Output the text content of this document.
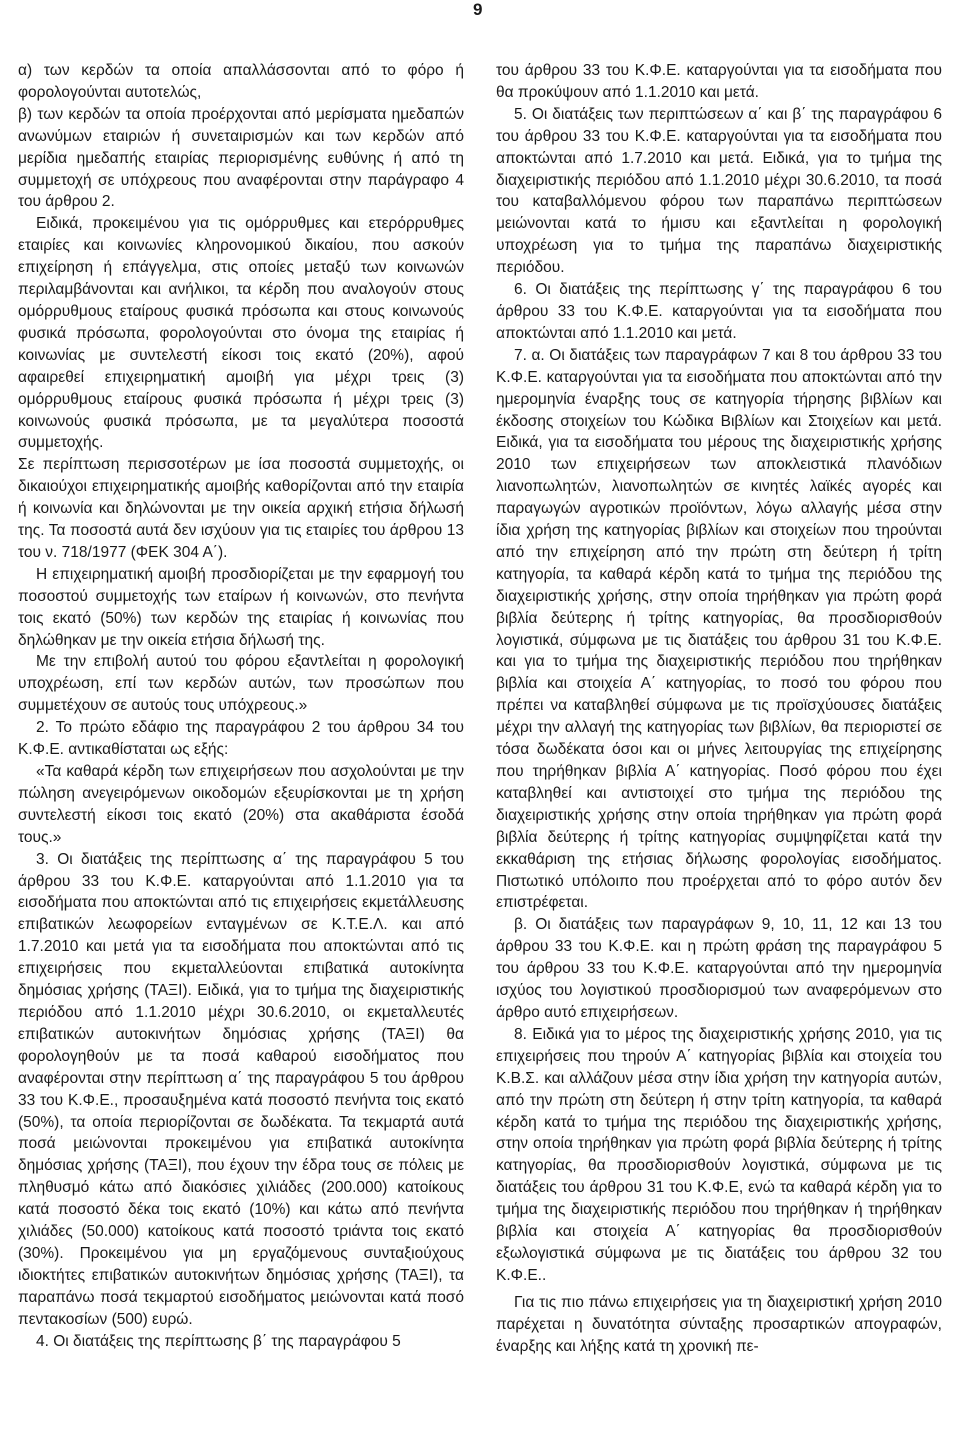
9

α) των κερδών τα οποία απαλλάσσονται από το φόρο ή φορολογούνται αυτοτελώς,

β) των κερδών τα οποία προέρχονται από μερίσματα ημεδαπών ανωνύμων εταιριών ή συνεταιρισμών και των κερδών από μερίδια ημεδαπής εταιρίας περιορισμένης ευθύνης ή από τη συμμετοχή σε υπόχρεους που αναφέρονται στην παράγραφο 4 του άρθρου 2.

Ειδικά, προκειμένου για τις ομόρρυθμες και ετερόρρυθμες εταιρίες και κοινωνίες κληρονομικού δικαίου, που ασκούν επιχείρηση ή επάγγελμα, στις οποίες μεταξύ των κοινωνών περιλαμβάνονται και ανήλικοι, τα κέρδη που αναλογούν στους ομόρρυθμους εταίρους φυσικά πρόσωπα και στους κοινωνούς φυσικά πρόσωπα, φορολογούνται στο όνομα της εταιρίας ή κοινωνίας με συντελεστή είκοσι τοις εκατό (20%), αφού αφαιρεθεί επιχειρηματική αμοιβή για μέχρι τρεις (3) ομόρρυθμους εταίρους φυσικά πρόσωπα ή μέχρι τρεις (3) κοινωνούς φυσικά πρόσωπα, με τα μεγαλύτερα ποσοστά συμμετοχής.

Σε περίπτωση περισσοτέρων με ίσα ποσοστά συμμετοχής, οι δικαιούχοι επιχειρηματικής αμοιβής καθορίζονται από την εταιρία ή κοινωνία και δηλώνονται με την οικεία αρχική ετήσια δήλωσή της. Τα ποσοστά αυτά δεν ισχύουν για τις εταιρίες του άρθρου 13 του ν. 718/1977 (ΦΕΚ 304 Α΄).

Η επιχειρηματική αμοιβή προσδιορίζεται με την εφαρμογή του ποσοστού συμμετοχής των εταίρων ή κοινωνών, στο πενήντα τοις εκατό (50%) των κερδών της εταιρίας ή κοινωνίας που δηλώθηκαν με την οικεία ετήσια δήλωσή της.

Με την επιβολή αυτού του φόρου εξαντλείται η φορολογική υποχρέωση, επί των κερδών αυτών, των προσώπων που συμμετέχουν σε αυτούς τους υπόχρεους.»

2. Το πρώτο εδάφιο της παραγράφου 2 του άρθρου 34 του Κ.Φ.Ε. αντικαθίσταται ως εξής:

«Τα καθαρά κέρδη των επιχειρήσεων που ασχολούνται με την πώληση ανεγειρόμενων οικοδομών εξευρίσκονται με τη χρήση συντελεστή είκοσι τοις εκατό (20%) στα ακαθάριστα έσοδά τους.»

3. Οι διατάξεις της περίπτωσης α΄ της παραγράφου 5 του άρθρου 33 του Κ.Φ.Ε. καταργούνται από 1.1.2010 για τα εισοδήματα που αποκτώνται από τις επιχειρήσεις εκμετάλλευσης επιβατικών λεωφορείων ενταγμένων σε Κ.Τ.Ε.Λ. και από 1.7.2010 και μετά για τα εισοδήματα που αποκτώνται από τις επιχειρήσεις που εκμεταλλεύονται επιβατικά αυτοκίνητα δημόσιας χρήσης (ΤΑΞΙ). Ειδικά, για το τμήμα της διαχειριστικής περιόδου από 1.1.2010 μέχρι 30.6.2010, οι εκμεταλλευτές επιβατικών αυτοκινήτων δημόσιας χρήσης (ΤΑΞΙ) θα φορολογηθούν με τα ποσά καθαρού εισοδήματος που αναφέρονται στην περίπτωση α΄ της παραγράφου 5 του άρθρου 33 του Κ.Φ.Ε., προσαυξημένα κατά ποσοστό πενήντα τοις εκατό (50%), τα οποία περιορίζονται σε δωδέκατα. Τα τεκμαρτά αυτά ποσά μειώνονται προκειμένου για επιβατικά αυτοκίνητα δημόσιας χρήσης (ΤΑΞΙ), που έχουν την έδρα τους σε πόλεις με πληθυσμό κάτω από διακόσιες χιλιάδες (200.000) κατοίκους κατά ποσοστό δέκα τοις εκατό (10%) και κάτω από πενήντα χιλιάδες (50.000) κατοίκους κατά ποσοστό τριάντα τοις εκατό (30%). Προκειμένου για μη εργαζόμενους συνταξιούχους ιδιοκτήτες επιβατικών αυτοκινήτων δημόσιας χρήσης (ΤΑΞΙ), τα παραπάνω ποσά τεκμαρτού εισοδήματος μειώνονται κατά ποσό πεντακοσίων (500) ευρώ.

4. Οι διατάξεις της περίπτωσης β΄ της παραγράφου 5

του άρθρου 33 του Κ.Φ.Ε. καταργούνται για τα εισοδήματα που θα προκύψουν από 1.1.2010 και μετά.

5. Οι διατάξεις των περιπτώσεων α΄ και β΄ της παραγράφου 6 του άρθρου 33 του Κ.Φ.Ε. καταργούνται για τα εισοδήματα που αποκτώνται από 1.7.2010 και μετά. Ειδικά, για το τμήμα της διαχειριστικής περιόδου από 1.1.2010 μέχρι 30.6.2010, τα ποσά του καταβαλλόμενου φόρου των παραπάνω περιπτώσεων μειώνονται κατά το ήμισυ και εξαντλείται η φορολογική υποχρέωση για το τμήμα της παραπάνω διαχειριστικής περιόδου.

6. Οι διατάξεις της περίπτωσης γ΄ της παραγράφου 6 του άρθρου 33 του Κ.Φ.Ε. καταργούνται για τα εισοδήματα που αποκτώνται από 1.1.2010 και μετά.

7. α. Οι διατάξεις των παραγράφων 7 και 8 του άρθρου 33 του Κ.Φ.Ε. καταργούνται για τα εισοδήματα που αποκτώνται από την ημερομηνία έναρξης τους σε κατηγορία τήρησης βιβλίων και έκδοσης στοιχείων του Κώδικα Βιβλίων και Στοιχείων και μετά. Ειδικά, για τα εισοδήματα του μέρους της διαχειριστικής χρήσης 2010 των επιχειρήσεων των αποκλειστικά πλανόδιων λιανοπωλητών, λιανοπωλητών σε κινητές λαϊκές αγορές και παραγωγών αγροτικών προϊόντων, λόγω αλλαγής μέσα στην ίδια χρήση της κατηγορίας βιβλίων και στοιχείων που τηρούνται από την επιχείρηση από την πρώτη στη δεύτερη ή τρίτη κατηγορία, τα καθαρά κέρδη κατά το τμήμα της περιόδου της διαχειριστικής χρήσης, στην οποία τηρήθηκαν για πρώτη φορά βιβλία δεύτερης ή τρίτης κατηγορίας, θα προσδιορισθούν λογιστικά, σύμφωνα με τις διατάξεις του άρθρου 31 του Κ.Φ.Ε. και για το τμήμα της διαχειριστικής περιόδου που τηρήθηκαν βιβλία και στοιχεία Α΄ κατηγορίας, το ποσό του φόρου που πρέπει να καταβληθεί σύμφωνα με τις προϊσχύουσες διατάξεις μέχρι την αλλαγή της κατηγορίας των βιβλίων, θα περιοριστεί σε τόσα δωδέκατα όσοι και οι μήνες λειτουργίας της επιχείρησης που τηρήθηκαν βιβλία Α΄ κατηγορίας. Ποσό φόρου που έχει καταβληθεί και αντιστοιχεί στο τμήμα της περιόδου της διαχειριστικής χρήσης στην οποία τηρήθηκαν για πρώτη φορά βιβλία δεύτερης ή τρίτης κατηγορίας συμψηφίζεται κατά την εκκαθάριση της ετήσιας δήλωσης φορολογίας εισοδήματος. Πιστωτικό υπόλοιπο που προέρχεται από το φόρο αυτόν δεν επιστρέφεται.

β. Οι διατάξεις των παραγράφων 9, 10, 11, 12 και 13 του άρθρου 33 του Κ.Φ.Ε. και η πρώτη φράση της παραγράφου 5 του άρθρου 33 του Κ.Φ.Ε. καταργούνται από την ημερομηνία ισχύος του λογιστικού προσδιορισμού των αναφερόμενων στο άρθρο αυτό επιχειρήσεων.

8. Ειδικά για το μέρος της διαχειριστικής χρήσης 2010, για τις επιχειρήσεις που τηρούν Α΄ κατηγορίας βιβλία και στοιχεία του Κ.Β.Σ. και αλλάζουν μέσα στην ίδια χρήση την κατηγορία αυτών, από την πρώτη στη δεύτερη ή στην τρίτη κατηγορία, τα καθαρά κέρδη κατά το τμήμα της περιόδου της διαχειριστικής χρήσης, στην οποία τηρήθηκαν για πρώτη φορά βιβλία δεύτερης ή τρίτης κατηγορίας, θα προσδιορισθούν λογιστικά, σύμφωνα με τις διατάξεις του άρθρου 31 του Κ.Φ.Ε, ενώ τα καθαρά κέρδη για το τμήμα της διαχειριστικής περιόδου που τηρήθηκαν ή τηρήθηκαν βιβλία και στοιχεία Α΄ κατηγορίας θα προσδιορισθούν εξωλογιστικά σύμφωνα με τις διατάξεις του άρθρου 32 του Κ.Φ.Ε..

Για τις πιο πάνω επιχειρήσεις για τη διαχειριστική χρήση 2010 παρέχεται η δυνατότητα σύνταξης προσαρτικών απογραφών, έναρξης και λήξης κατά τη χρονική πε-
